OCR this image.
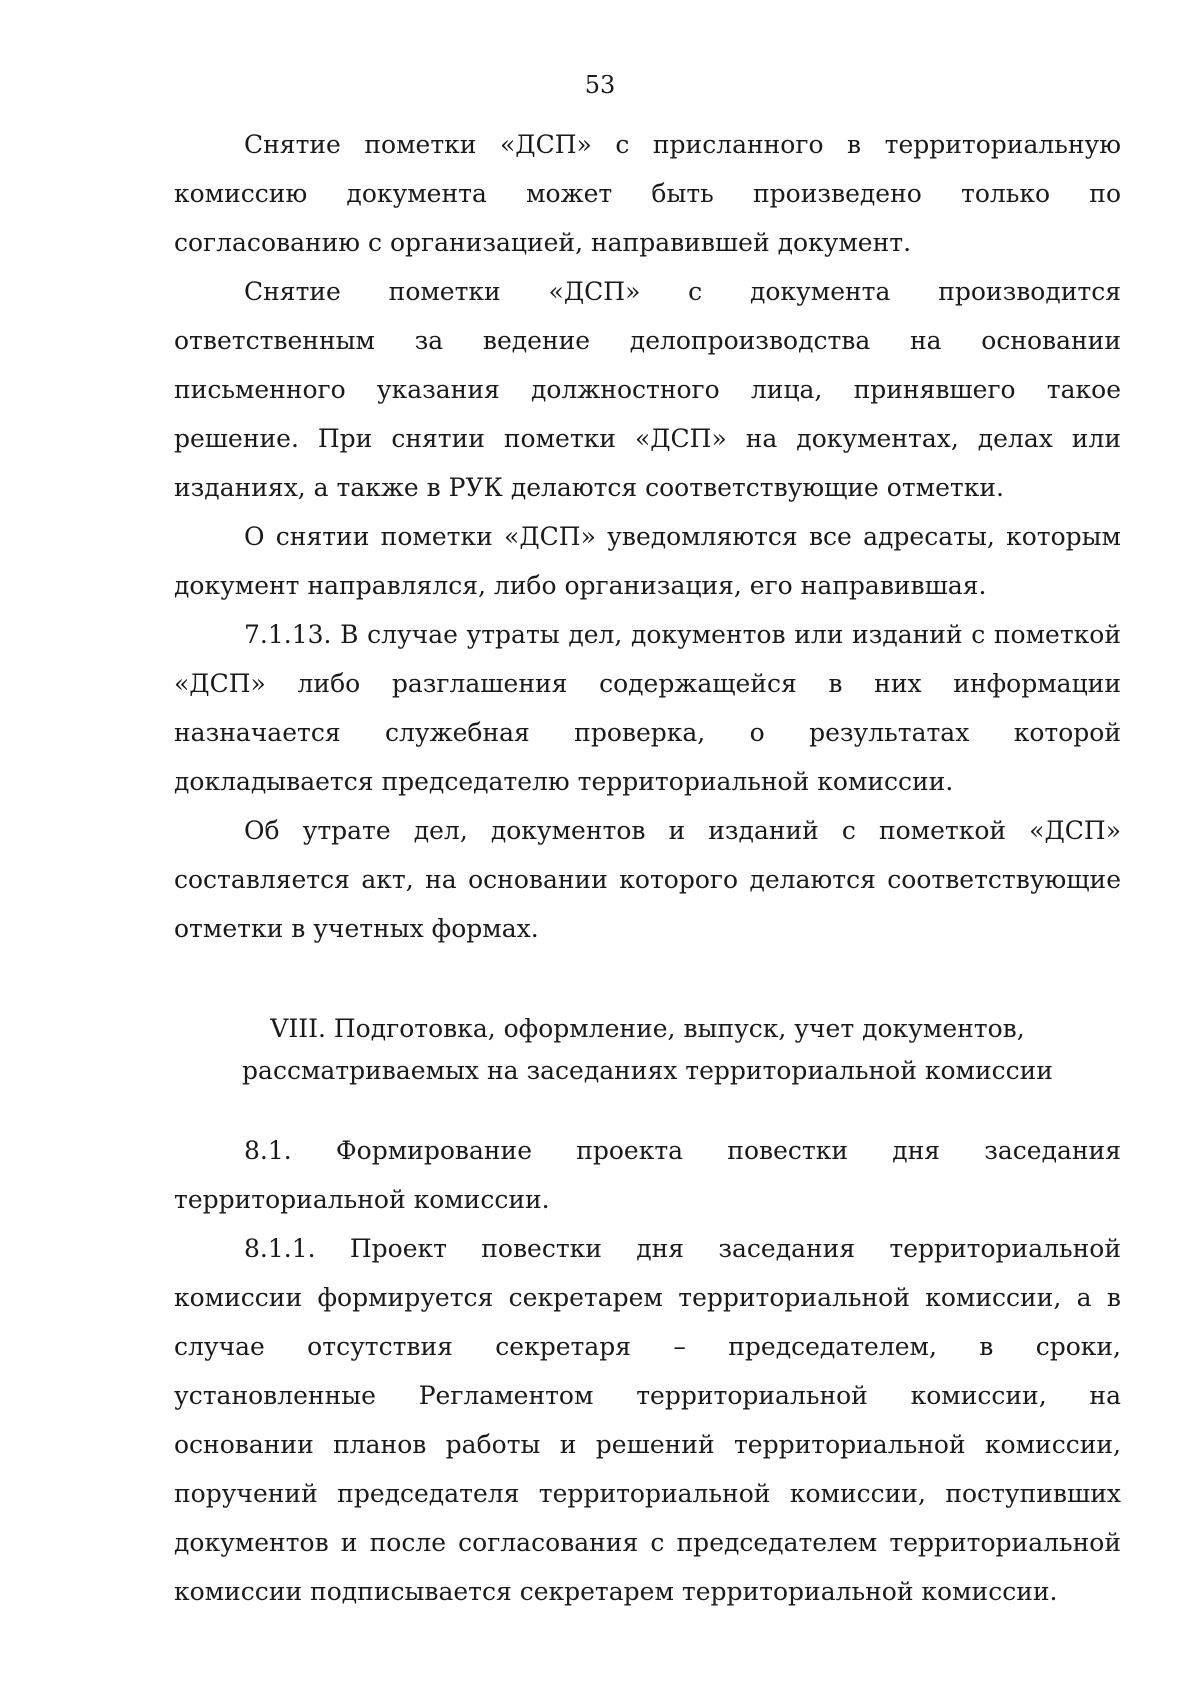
53

Снятие пометки «ДСП» с присланного в территориальную комиссию документа может быть произведено только по согласованию с организацией, направившей документ.

Снятие пометки «ДСП» с документа производится ответственным за ведение делопроизводства на основании письменного указания должностного лица, принявшего такое решение. При снятии пометки «ДСП» на документах, делах или изданиях, а также в РУК делаются соответствующие отметки.

О снятии пометки «ДСП» уведомляются все адресаты, которым документ направлялся, либо организация, его направившая.

7.1.13. В случае утраты дел, документов или изданий с пометкой «ДСП» либо разглашения содержащейся в них информации назначается служебная проверка, о результатах которой докладывается председателю территориальной комиссии.

Об утрате дел, документов и изданий с пометкой «ДСП» составляется акт, на основании которого делаются соответствующие отметки в учетных формах.

VIII. Подготовка, оформление, выпуск, учет документов,
рассматриваемых на заседаниях территориальной комиссии

8.1. Формирование проекта повестки дня заседания территориальной комиссии.

8.1.1. Проект повестки дня заседания территориальной комиссии формируется секретарем территориальной комиссии, а в случае отсутствия секретаря – председателем, в сроки, установленные Регламентом территориальной комиссии, на основании планов работы и решений территориальной комиссии, поручений председателя территориальной комиссии, поступивших документов и после согласования с председателем территориальной комиссии подписывается секретарем территориальной комиссии.
